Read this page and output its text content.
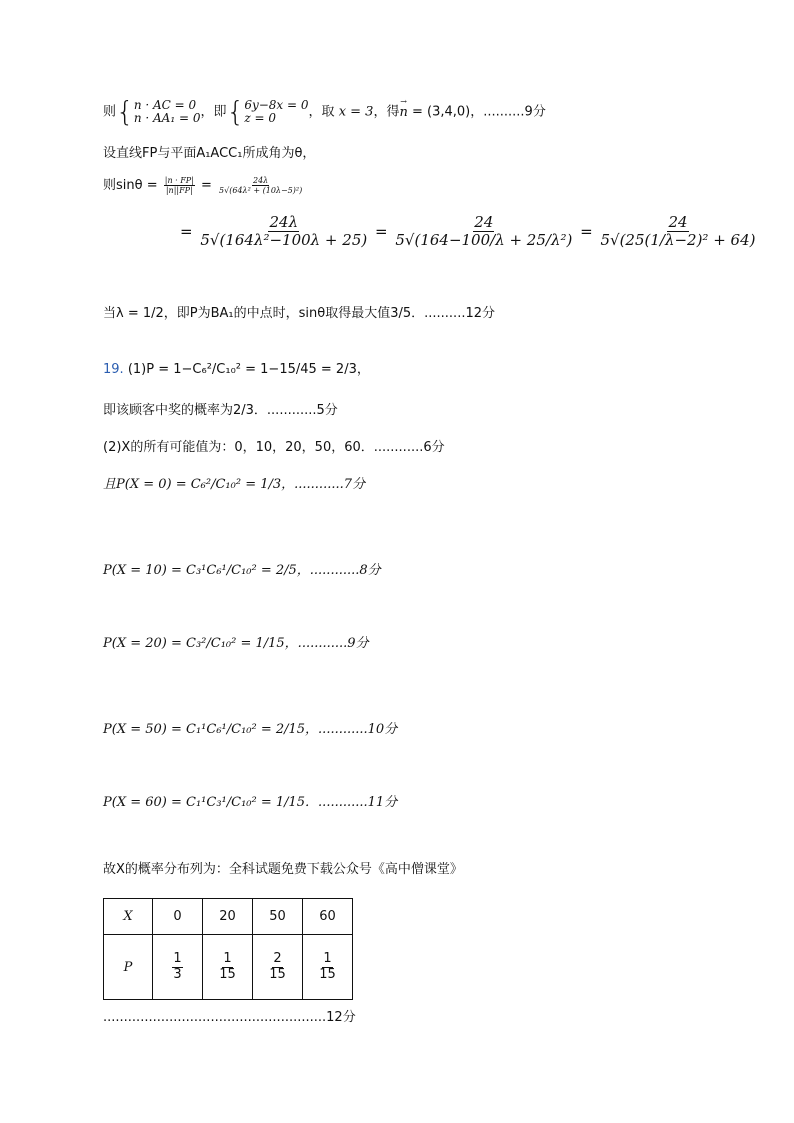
则{ n · AC = 0
n · AA₁ = 0 ，即{ 6y−8x = 0
z = 0	，取 x = 3，得→ n = (3,4,0)，..........9分
设直线FP与平面A₁ACC₁所成角为θ，
则$\sin\theta = \frac{|n \cdot FP|}{|n||FP|} = \frac{24\lambda}{\text{5√(64λ² + (10λ−5)²)}}$
= $\frac{24\lambda}{\text{5√(164λ²−100λ + 25)}} = \frac{24}{\text{5√(164−100/λ + 25/λ²)}} = \frac{24}{\text{5√(25(1/λ−2)² + 64)}}$
当λ = 1/2，即P为BA₁的中点时，sinθ取得最大值3/5．..........12分
19. (1)P = 1−C₆²/C₁₀² = 1−15/45 = 2/3，
即该顾客中奖的概率为2/3．............5分
(2)X的所有可能值为：0，10，20，50，60．............6分
且P(X = 0) = C₆²/C₁₀² = 1/3，............7分
P(X = 10) = C₃¹C₆¹/C₁₀² = 2/5，............8分
P(X = 20) = C₃²/C₁₀² = 1/15，............9分
P(X = 50) = C₁¹C₆¹/C₁₀² = 2/15，............10分
P(X = 60) = C₁¹C₃¹/C₁₀² = 1/15．............11分
故X的概率分布列为：全科试题免费下载公众号《高中僧课堂》
X	0	20	50	60
P	$\frac{1}{3}$	$\frac{1}{15}$	$\frac{2}{15}$	$\frac{1}{15}$
......................................................12分
